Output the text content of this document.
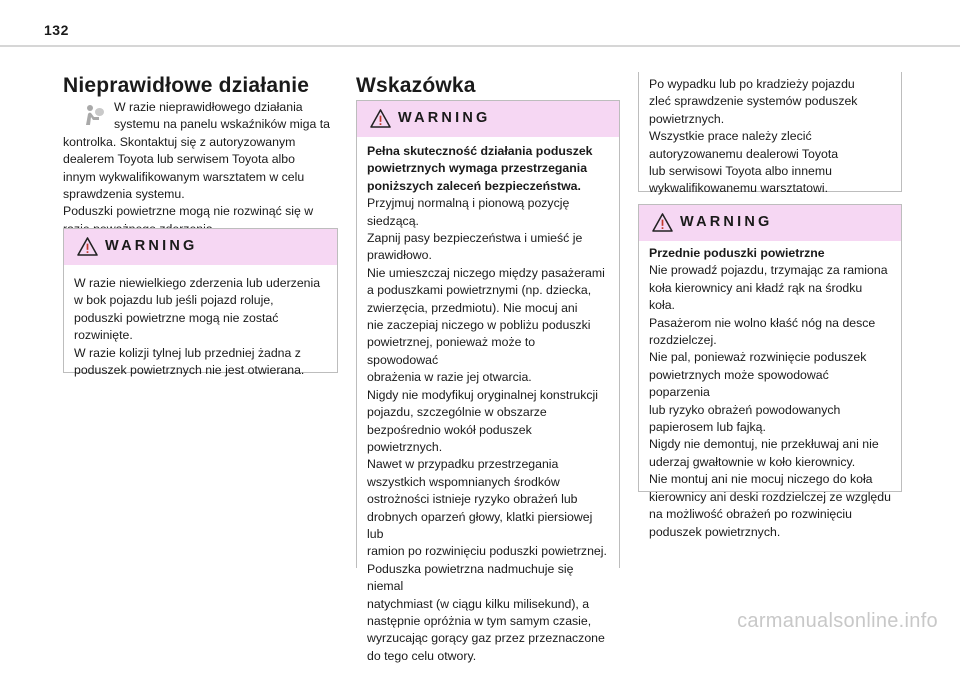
132
Nieprawidłowe działanie
W razie nieprawidłowego działania
systemu na panelu wskaźników miga ta
kontrolka. Skontaktuj się z autoryzowanym
dealerem Toyota lub serwisem Toyota albo
innym wykwalifikowanym warsztatem w celu
sprawdzenia systemu.
Poduszki powietrzne mogą nie rozwinąć się w
WARNING
W razie niewielkiego zderzenia lub uderzenia
w bok pojazdu lub jeśli pojazd roluje,
poduszki powietrzne mogą nie zostać
rozwinięte.
W razie kolizji tylnej lub przedniej żadna z
poduszek powietrznych nie jest otwierana.
Wskazówka
WARNING
Pełna skuteczność działania poduszek
powietrznych wymaga przestrzegania
poniższych zaleceń bezpieczeństwa.
Przyjmuj normalną i pionową pozycję
siedzącą.
Zapnij pasy bezpieczeństwa i umieść je
prawidłowo.
Nie umieszczaj niczego między pasażerami
a poduszkami powietrznymi (np. dziecka,
zwierzęcia, przedmiotu). Nie mocuj ani
nie zaczepiaj niczego w pobliżu poduszki
powietrznej, ponieważ może to spowodować
obrażenia w razie jej otwarcia.
Nigdy nie modyfikuj oryginalnej konstrukcji
pojazdu, szczególnie w obszarze
bezpośrednio wokół poduszek powietrznych.
Nawet w przypadku przestrzegania
wszystkich wspomnianych środków
ostrożności istnieje ryzyko obrażeń lub
drobnych oparzeń głowy, klatki piersiowej lub
ramion po rozwinięciu poduszki powietrznej.
Poduszka powietrzna nadmuchuje się niemal
natychmiast (w ciągu kilku milisekund), a
następnie opróżnia w tym samym czasie,
wyrzucając gorący gaz przez przeznaczone
do tego celu otwory.
Po wypadku lub po kradzieży pojazdu
zleć sprawdzenie systemów poduszek
powietrznych.
Wszystkie prace należy zlecić
autoryzowanemu dealerowi Toyota
lub serwisowi Toyota albo innemu
wykwalifikowanemu warsztatowi.
WARNING
Przednie poduszki powietrzne
Nie prowadź pojazdu, trzymając za ramiona
koła kierownicy ani kładź rąk na środku koła.
Pasażerom nie wolno kłaść nóg na desce
rozdzielczej.
Nie pal, ponieważ rozwinięcie poduszek
powietrznych może spowodować poparzenia
lub ryzyko obrażeń powodowanych
papierosem lub fajką.
Nigdy nie demontuj, nie przekłuwaj ani nie
uderzaj gwałtownie w koło kierownicy.
Nie montuj ani nie mocuj niczego do koła
kierownicy ani deski rozdzielczej ze względu
na możliwość obrażeń po rozwinięciu
poduszek powietrznych.
carmanualsonline.info
